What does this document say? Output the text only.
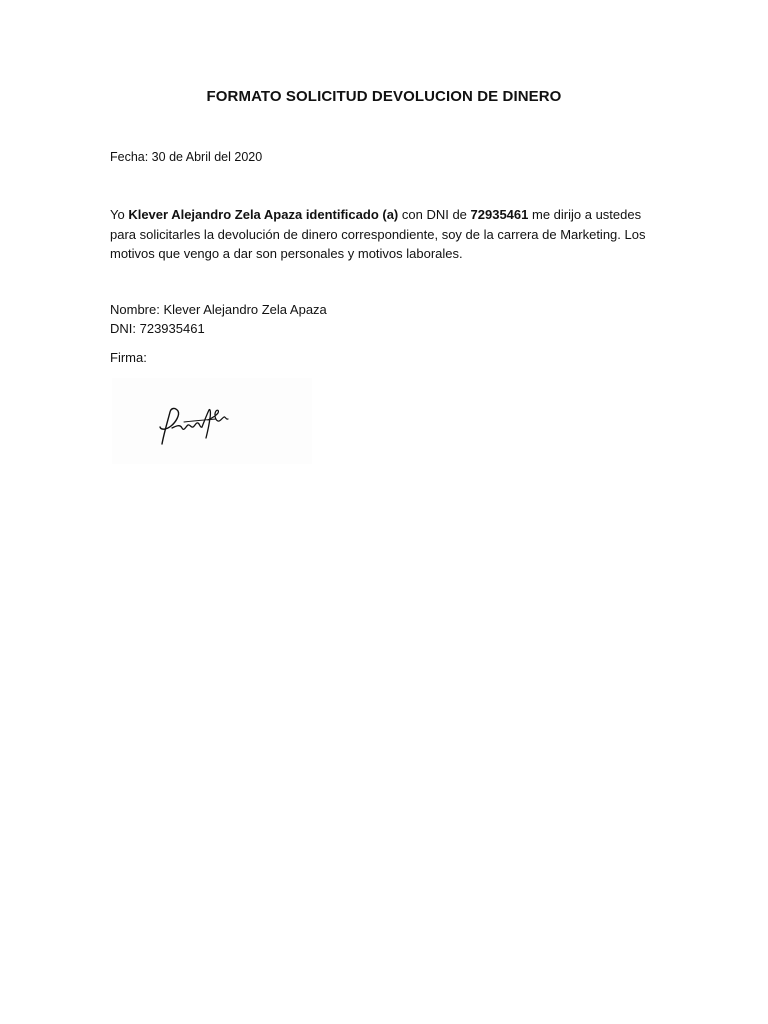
FORMATO SOLICITUD DEVOLUCION DE DINERO
Fecha: 30 de Abril del 2020
Yo Klever Alejandro Zela Apaza identificado (a) con DNI de 72935461 me dirijo a ustedes para solicitarles la devolución de dinero correspondiente, soy de la carrera de Marketing. Los motivos que vengo a dar son personales y motivos laborales.
Nombre: Klever Alejandro Zela Apaza
DNI: 723935461
Firma:
